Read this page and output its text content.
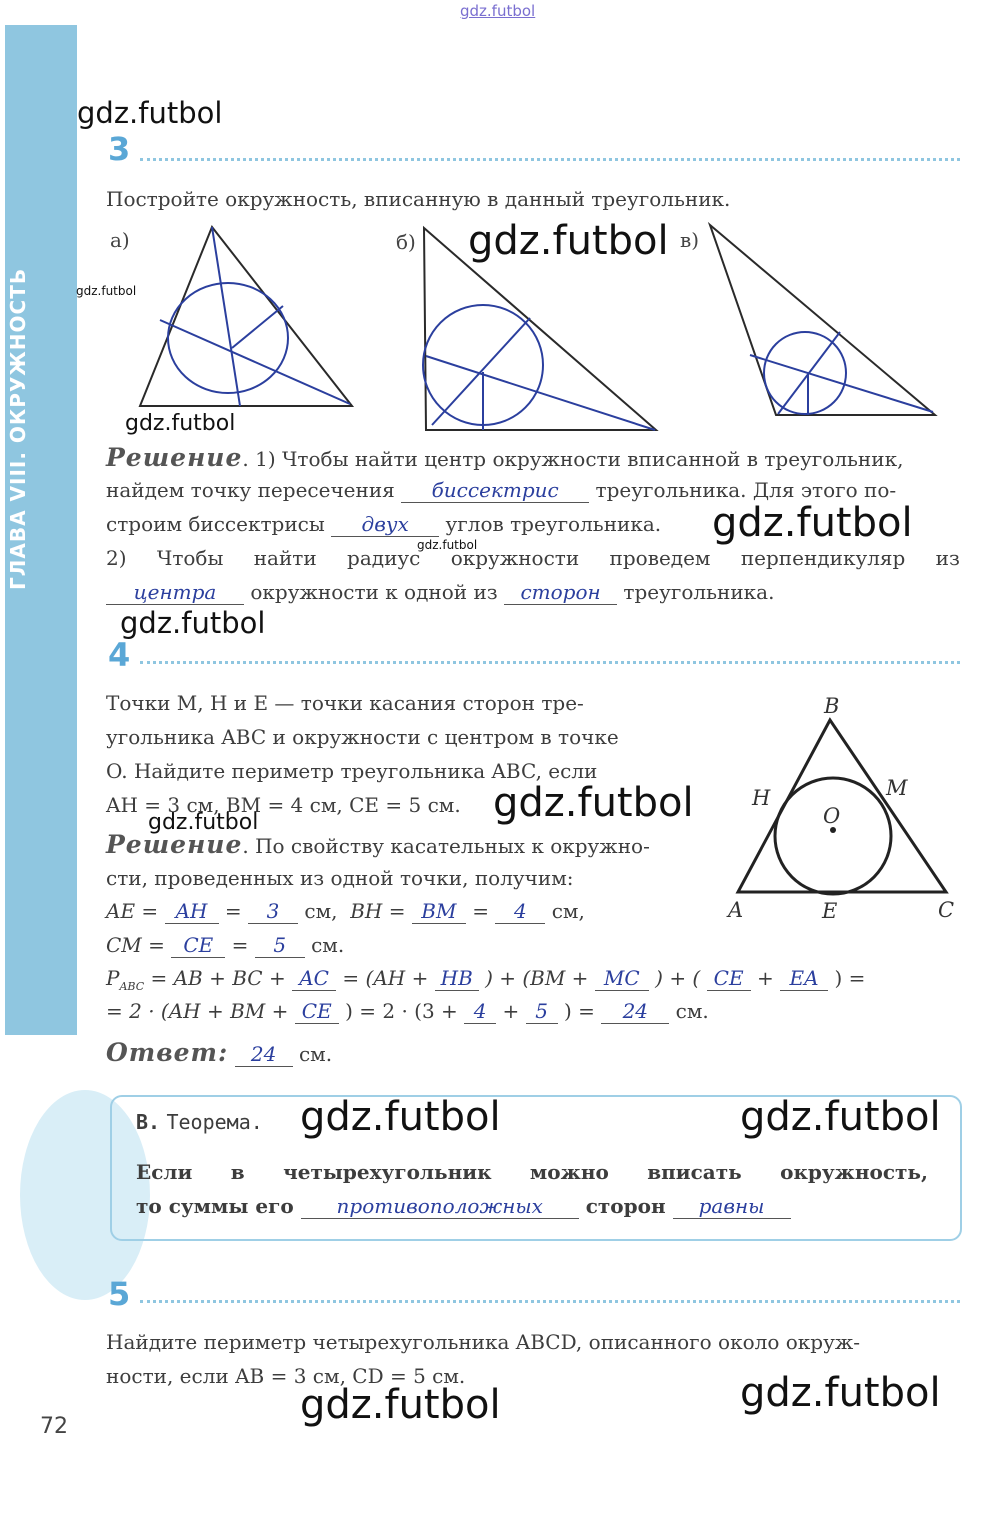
ГЛАВА VIII. ОКРУЖНОСТЬ
gdz.futbol
gdz.futbol
gdz.futbol
gdz.futbol
gdz.futbol
gdz.futbol
gdz.futbol
gdz.futbol
gdz.futbol
gdz.futbol
gdz.futbol	gdz.futbol
gdz.futbol
gdz.futbol
3
Постройте окружность, вписанную в данный треугольник.
а)	б)	в)
Решение. 1) Чтобы найти центр окружности вписанной в треугольник,
найдем точку пересечения биссектрис треугольника. Для этого по-
строим биссектрисы двух углов треугольника.
2) Чтобы найти радиус окружности проведем перпендикуляр из
центра окружности к одной из сторон треугольника.
4
Точки M, H и E — точки касания сторон тре-
угольника ABC и окружности с центром в точке
O. Найдите периметр треугольника ABC, если
AH = 3 см, BM = 4 см, CE = 5 см.
Решение. По свойству касательных к окружно-
сти, проведенных из одной точки, получим:
AE = AH = 3 см, BH = BM = 4 см,
CM = CE = 5 см.
$P_{ABC}$ = AB + BC + AC = (AH + HB ) + (BM + MC ) + ( CE + EA ) =
= 2 · (AH + BM + CE ) = 2 · (3 + 4 + 5 ) = 24 см.
Ответ: 24 см.
B
A	C
H	M
E
O
В. Теорема.
Если в четырехугольник можно вписать окружность,
то суммы его противоположных сторон равны
5
Найдите периметр четырехугольника ABCD, описанного около окруж-
ности, если AB = 3 см, CD = 5 см.
72
